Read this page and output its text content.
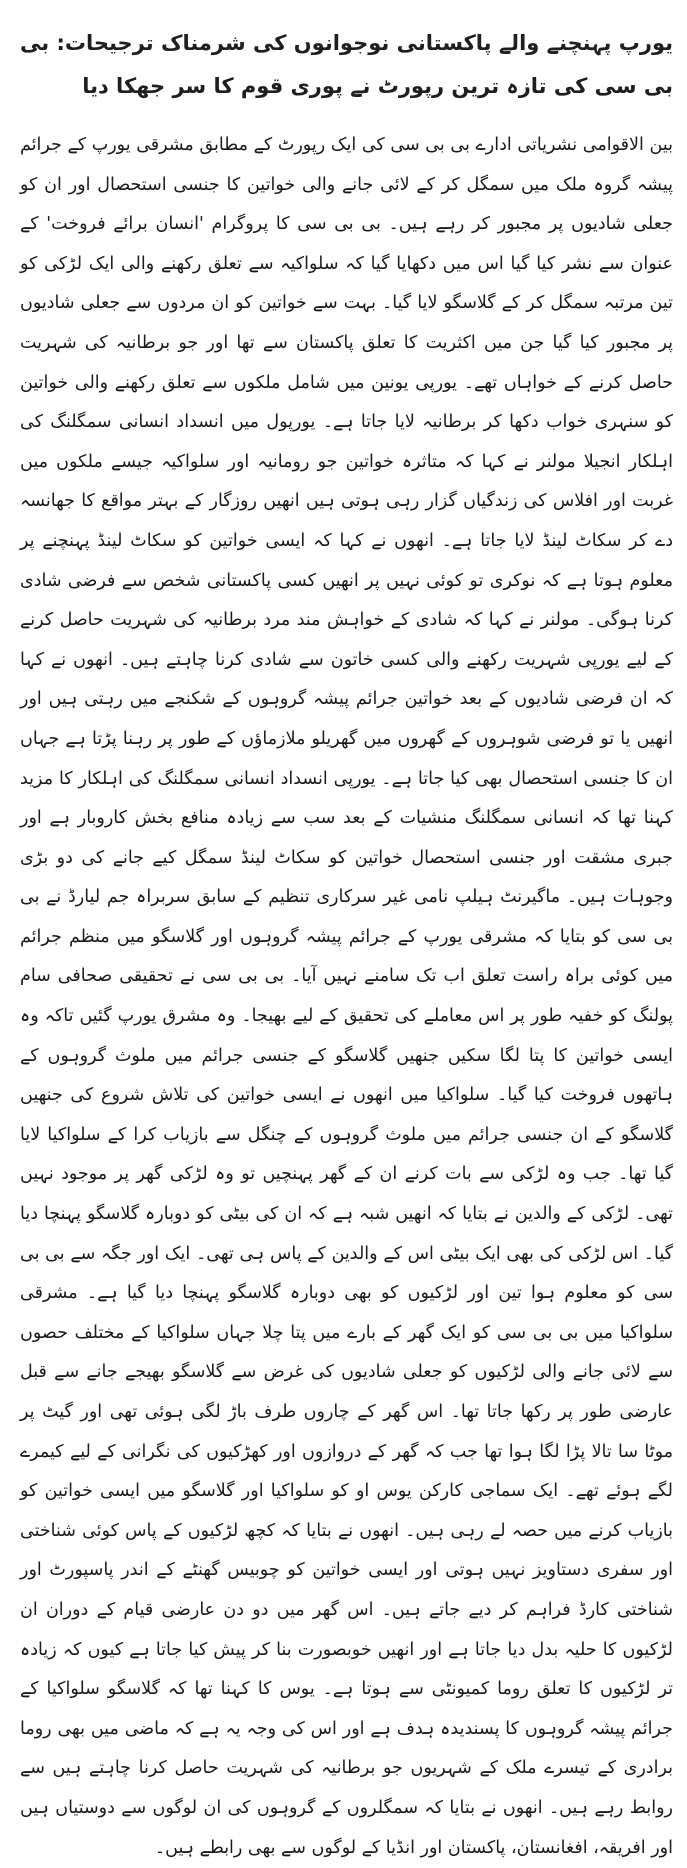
یورپ پہنچنے والے پاکستانی نوجوانوں کی شرمناک ترجیحات: بی بی سی کی تازہ ترین رپورٹ نے پوری قوم کا سر جھکا دیا

بین الاقوامی نشریاتی ادارے بی بی سی کی ایک رپورٹ کے مطابق مشرقی یورپ کے جرائم پیشہ گروہ ملک میں سمگل کر کے لائی جانے والی خواتین کا جنسی استحصال اور ان کو جعلی شادیوں پر مجبور کر رہے ہیں۔ بی بی سی کا پروگرام 'انسان برائے فروخت' کے عنوان سے نشر کیا گیا اس میں دکھایا گیا کہ سلواکیہ سے تعلق رکھنے والی ایک لڑکی کو تین مرتبہ سمگل کر کے گلاسگو لایا گیا۔ بہت سے خواتین کو ان مردوں سے جعلی شادیوں پر مجبور کیا گیا جن میں اکثریت کا تعلق پاکستان سے تھا اور جو برطانیہ کی شہریت حاصل کرنے کے خواہاں تھے۔ یورپی یونین میں شامل ملکوں سے تعلق رکھنے والی خواتین کو سنہری خواب دکھا کر برطانیہ لایا جاتا ہے۔ یورپول میں انسداد انسانی سمگلنگ کی اہلکار انجیلا مولنر نے کہا کہ متاثرہ خواتین جو رومانیہ اور سلواکیہ جیسے ملکوں میں غربت اور افلاس کی زندگیاں گزار رہی ہوتی ہیں انھیں روزگار کے بہتر مواقع کا جھانسہ دے کر سکاٹ لینڈ لایا جاتا ہے۔ انھوں نے کہا کہ ایسی خواتین کو سکاٹ لینڈ پہنچنے پر معلوم ہوتا ہے کہ نوکری تو کوئی نہیں پر انھیں کسی پاکستانی شخص سے فرضی شادی کرنا ہوگی۔ مولنر نے کہا کہ شادی کے خواہش مند مرد برطانیہ کی شہریت حاصل کرنے کے لیے یورپی شہریت رکھنے والی کسی خاتون سے شادی کرنا چاہتے ہیں۔ انھوں نے کہا کہ ان فرضی شادیوں کے بعد خواتین جرائم پیشہ گروہوں کے شکنجے میں رہتی ہیں اور انھیں یا تو فرضی شوہروں کے گھروں میں گھریلو ملازماؤں کے طور پر رہنا پڑتا ہے جہاں ان کا جنسی استحصال بھی کیا جاتا ہے۔ یورپی انسداد انسانی سمگلنگ کی اہلکار کا مزید کہنا تھا کہ انسانی سمگلنگ منشیات کے بعد سب سے زیادہ منافع بخش کاروبار ہے اور جبری مشقت اور جنسی استحصال خواتین کو سکاٹ لینڈ سمگل کیے جانے کی دو بڑی وجوہات ہیں۔ ماگیرنٹ ہیلپ نامی غیر سرکاری تنظیم کے سابق سربراہ جم لیارڈ نے بی بی سی کو بتایا کہ مشرقی یورپ کے جرائم پیشہ گروہوں اور گلاسگو میں منظم جرائم میں کوئی براہ راست تعلق اب تک سامنے نہیں آیا۔ بی بی سی نے تحقیقی صحافی سام پولنگ کو خفیہ طور پر اس معاملے کی تحقیق کے لیے بھیجا۔ وہ مشرق یورپ گئیں تاکہ وہ ایسی خواتین کا پتا لگا سکیں جنھیں گلاسگو کے جنسی جرائم میں ملوث گروہوں کے ہاتھوں فروخت کیا گیا۔ سلواکیا میں انھوں نے ایسی خواتین کی تلاش شروع کی جنھیں گلاسگو کے ان جنسی جرائم میں ملوث گروہوں کے چنگل سے بازیاب کرا کے سلواکیا لایا گیا تھا۔ جب وہ لڑکی سے بات کرنے ان کے گھر پہنچیں تو وہ لڑکی گھر پر موجود نہیں تھی۔ لڑکی کے والدین نے بتایا کہ انھیں شبہ ہے کہ ان کی بیٹی کو دوبارہ گلاسگو پہنچا دیا گیا۔ اس لڑکی کی بھی ایک بیٹی اس کے والدین کے پاس ہی تھی۔ ایک اور جگہ سے بی بی سی کو معلوم ہوا تین اور لڑکیوں کو بھی دوبارہ گلاسگو پہنچا دیا گیا ہے۔ مشرقی سلواکیا میں بی بی سی کو ایک گھر کے بارے میں پتا چلا جہاں سلواکیا کے مختلف حصوں سے لائی جانے والی لڑکیوں کو جعلی شادیوں کی غرض سے گلاسگو بھیجے جانے سے قبل عارضی طور پر رکھا جاتا تھا۔ اس گھر کے چاروں طرف باڑ لگی ہوئی تھی اور گیٹ پر موٹا سا تالا پڑا لگا ہوا تھا جب کہ گھر کے دروازوں اور کھڑکیوں کی نگرانی کے لیے کیمرے لگے ہوئے تھے۔ ایک سماجی کارکن یوس او کو سلواکیا اور گلاسگو میں ایسی خواتین کو بازیاب کرنے میں حصہ لے رہی ہیں۔ انھوں نے بتایا کہ کچھ لڑکیوں کے پاس کوئی شناختی اور سفری دستاویز نہیں ہوتی اور ایسی خواتین کو چوبیس گھنٹے کے اندر پاسپورٹ اور شناختی کارڈ فراہم کر دیے جاتے ہیں۔ اس گھر میں دو دن عارضی قیام کے دوران ان لڑکیوں کا حلیہ بدل دیا جاتا ہے اور انھیں خوبصورت بنا کر پیش کیا جاتا ہے کیوں کہ زیادہ تر لڑکیوں کا تعلق روما کمیونٹی سے ہوتا ہے۔ یوس کا کہنا تھا کہ گلاسگو سلواکیا کے جرائم پیشہ گروہوں کا پسندیدہ ہدف ہے اور اس کی وجہ یہ ہے کہ ماضی میں بھی روما برادری کے تیسرے ملک کے شہریوں جو برطانیہ کی شہریت حاصل کرنا چاہتے ہیں سے روابط رہے ہیں۔ انھوں نے بتایا کہ سمگلروں کے گروہوں کی ان لوگوں سے دوستیاں ہیں اور افریقہ، افغانستان، پاکستان اور انڈیا کے لوگوں سے بھی رابطے ہیں۔
